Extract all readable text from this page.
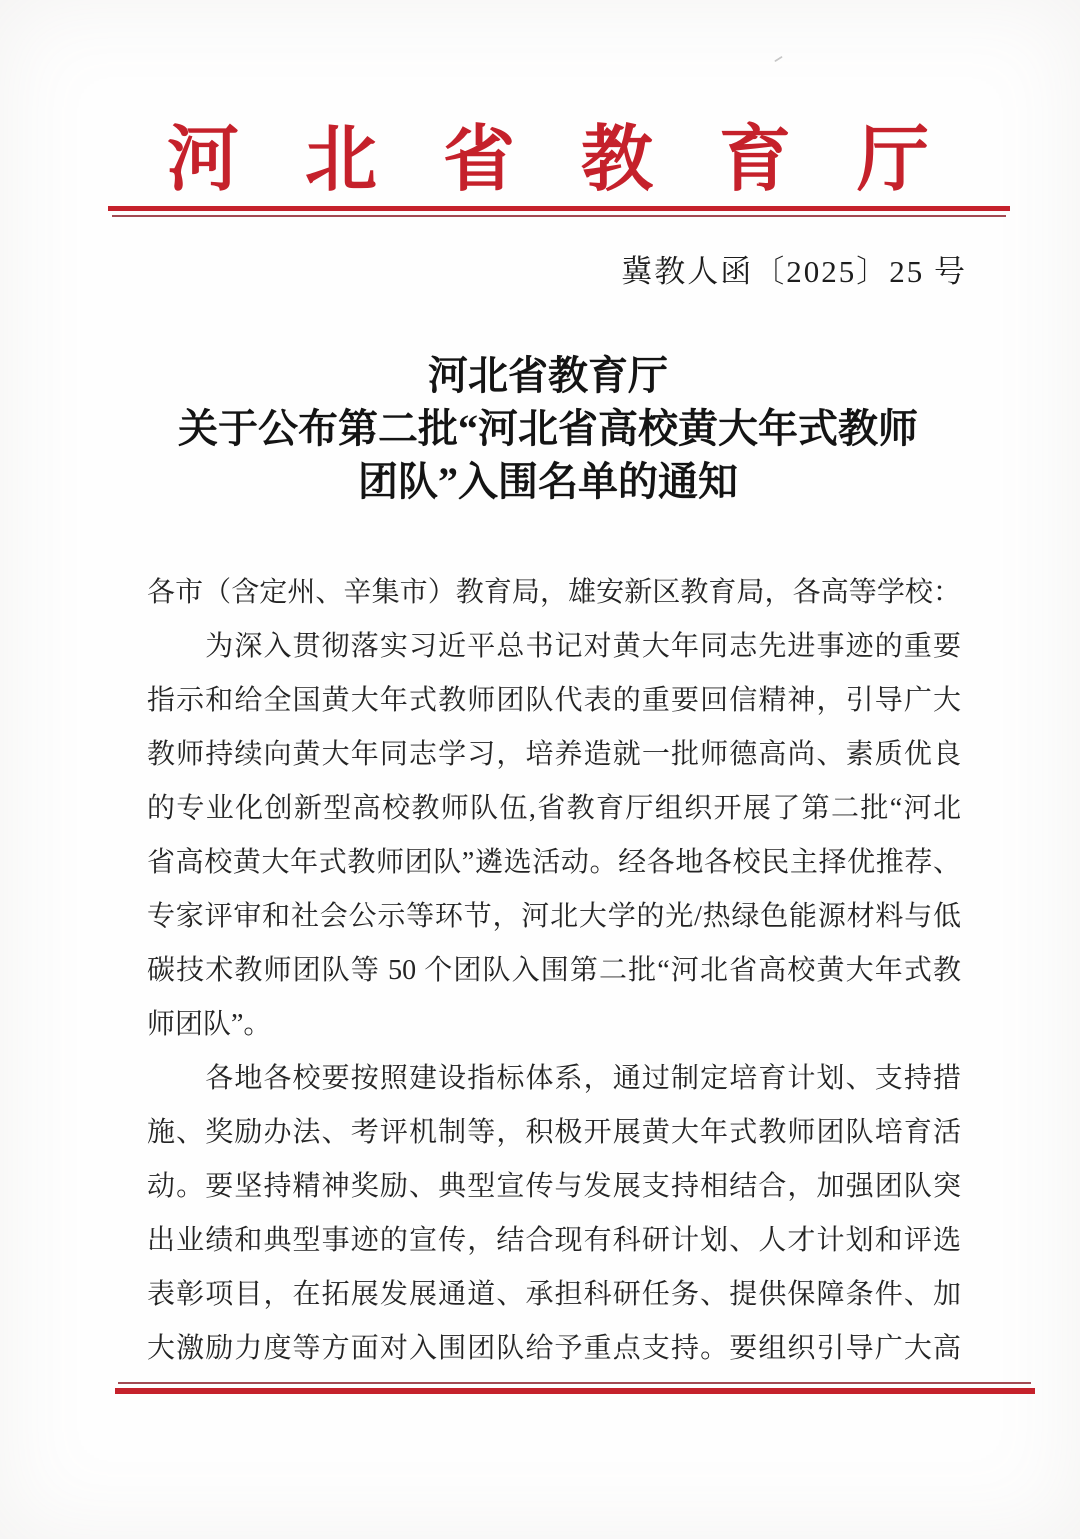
河北省教育厅
冀教人函〔2025〕25 号
河北省教育厅
关于公布第二批“河北省高校黄大年式教师
团队”入围名单的通知
各市（含定州、辛集市）教育局，雄安新区教育局，各高等学校：
　　为深入贯彻落实习近平总书记对黄大年同志先进事迹的重要
指示和给全国黄大年式教师团队代表的重要回信精神，引导广大
教师持续向黄大年同志学习，培养造就一批师德高尚、素质优良
的专业化创新型高校教师队伍,省教育厅组织开展了第二批“河北
省高校黄大年式教师团队”遴选活动。经各地各校民主择优推荐、
专家评审和社会公示等环节，河北大学的光/热绿色能源材料与低
碳技术教师团队等 50 个团队入围第二批“河北省高校黄大年式教
师团队”。
　　各地各校要按照建设指标体系，通过制定培育计划、支持措
施、奖励办法、考评机制等，积极开展黄大年式教师团队培育活
动。要坚持精神奖励、典型宣传与发展支持相结合，加强团队突
出业绩和典型事迹的宣传，结合现有科研计划、人才计划和评选
表彰项目，在拓展发展通道、承担科研任务、提供保障条件、加
大激励力度等方面对入围团队给予重点支持。要组织引导广大高
